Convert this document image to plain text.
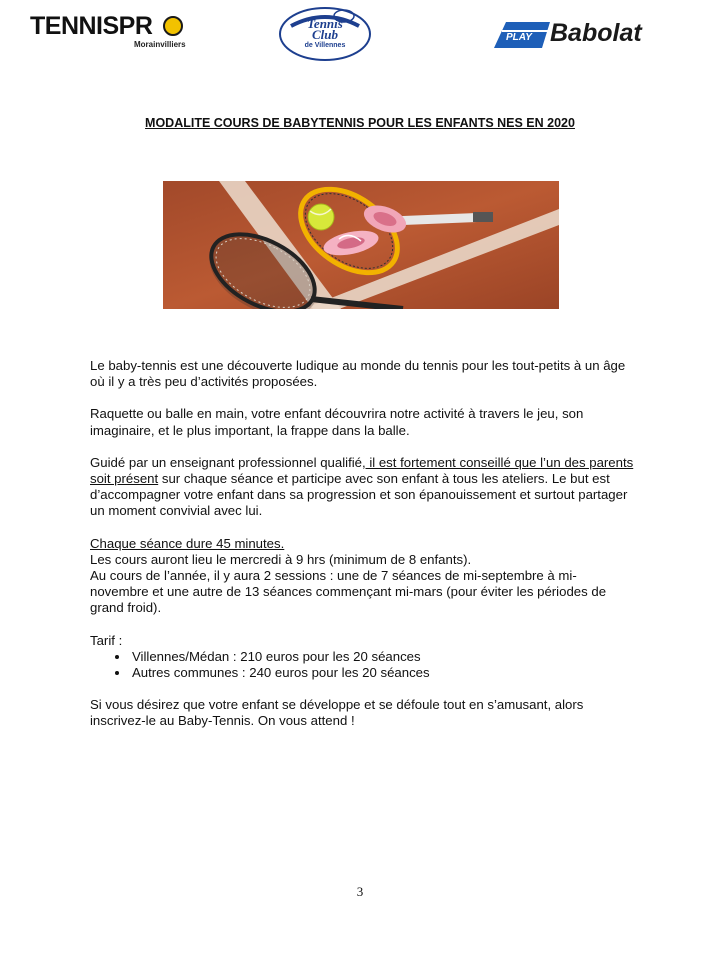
TENNISPR
Morainvilliers
Tennis
Club
de Villennes
PLAY Babolat
MODALITE COURS DE BABYTENNIS POUR LES ENFANTS NES EN 2020

Le baby-tennis est une découverte ludique au monde du tennis pour les tout-petits à un âge où il y a très peu d’activités proposées.

Raquette ou balle en main, votre enfant découvrira notre activité à travers le jeu, son imaginaire, et le plus important, la frappe dans la balle.

Guidé par un enseignant professionnel qualifié, il est fortement conseillé que l’un des parents soit présent sur chaque séance et participe avec son enfant à tous les ateliers. Le but est d’accompagner votre enfant dans sa progression et son épanouissement et surtout partager un moment convivial avec lui.

Chaque séance dure 45 minutes.
Les cours auront lieu le mercredi à 9 hrs (minimum de 8 enfants).
Au cours de l’année, il y aura 2 sessions : une de 7 séances de mi-septembre à mi-novembre et une autre de 13 séances commençant mi-mars (pour éviter les périodes de grand froid).

Tarif :
• Villennes/Médan : 210 euros pour les 20 séances
• Autres communes : 240 euros pour les 20 séances

Si vous désirez que votre enfant se développe et se défoule tout en s’amusant, alors inscrivez-le au Baby-Tennis. On vous attend !

3
